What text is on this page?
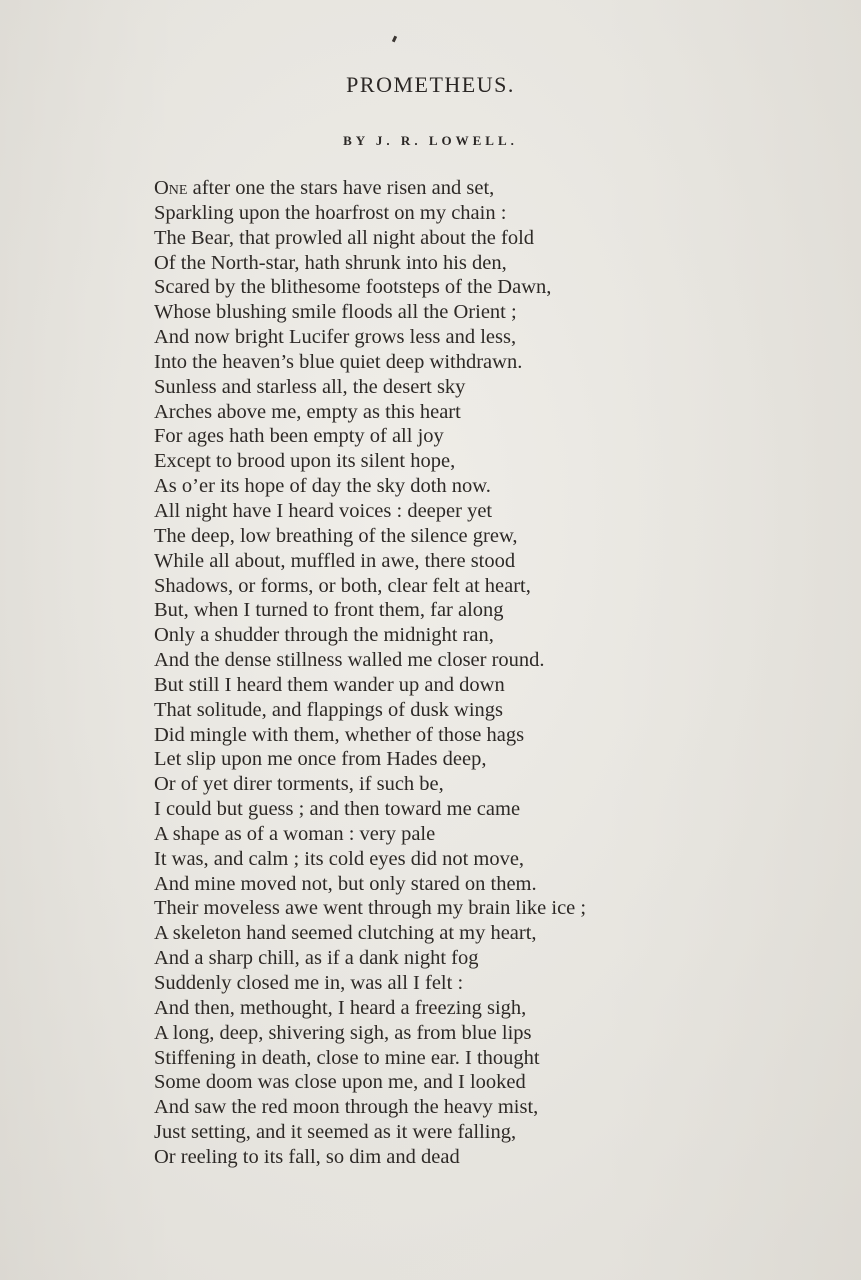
PROMETHEUS.
BY J. R. LOWELL.
One after one the stars have risen and set,
Sparkling upon the hoarfrost on my chain :
The Bear, that prowled all night about the fold
Of the North-star, hath shrunk into his den,
Scared by the blithesome footsteps of the Dawn,
Whose blushing smile floods all the Orient ;
And now bright Lucifer grows less and less,
Into the heaven’s blue quiet deep withdrawn.
Sunless and starless all, the desert sky
Arches above me, empty as this heart
For ages hath been empty of all joy
Except to brood upon its silent hope,
As o’er its hope of day the sky doth now.
All night have I heard voices : deeper yet
The deep, low breathing of the silence grew,
While all about, muffled in awe, there stood
Shadows, or forms, or both, clear felt at heart,
But, when I turned to front them, far along
Only a shudder through the midnight ran,
And the dense stillness walled me closer round.
But still I heard them wander up and down
That solitude, and flappings of dusk wings
Did mingle with them, whether of those hags
Let slip upon me once from Hades deep,
Or of yet direr torments, if such be,
I could but guess ; and then toward me came
A shape as of a woman : very pale
It was, and calm ; its cold eyes did not move,
And mine moved not, but only stared on them.
Their moveless awe went through my brain like ice ;
A skeleton hand seemed clutching at my heart,
And a sharp chill, as if a dank night fog
Suddenly closed me in, was all I felt :
And then, methought, I heard a freezing sigh,
A long, deep, shivering sigh, as from blue lips
Stiffening in death, close to mine ear. I thought
Some doom was close upon me, and I looked
And saw the red moon through the heavy mist,
Just setting, and it seemed as it were falling,
Or reeling to its fall, so dim and dead
